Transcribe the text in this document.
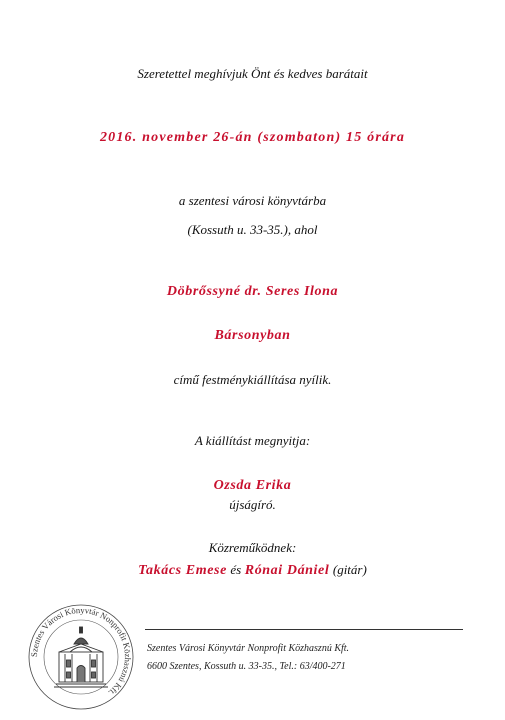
Szeretettel meghívjuk Önt és kedves barátait
2016. november 26-án (szombaton) 15 órára
a szentesi városi könyvtárba
(Kossuth u. 33-35.), ahol
Döbrőssyné dr. Seres Ilona
Bársonyban
című festménykiállítása nyílik.
A kiállítást megnyitja:
Ozsda Erika
újságíró.
Közreműködnek:
Takács Emese és Rónai Dániel (gitár)
Szentes Városi Könyvtár Nonprofit Közhasznú Kft.
Szentes Városi Könyvtár Nonprofit Közhasznú Kft.
6600 Szentes, Kossuth u. 33-35., Tel.: 63/400-271
